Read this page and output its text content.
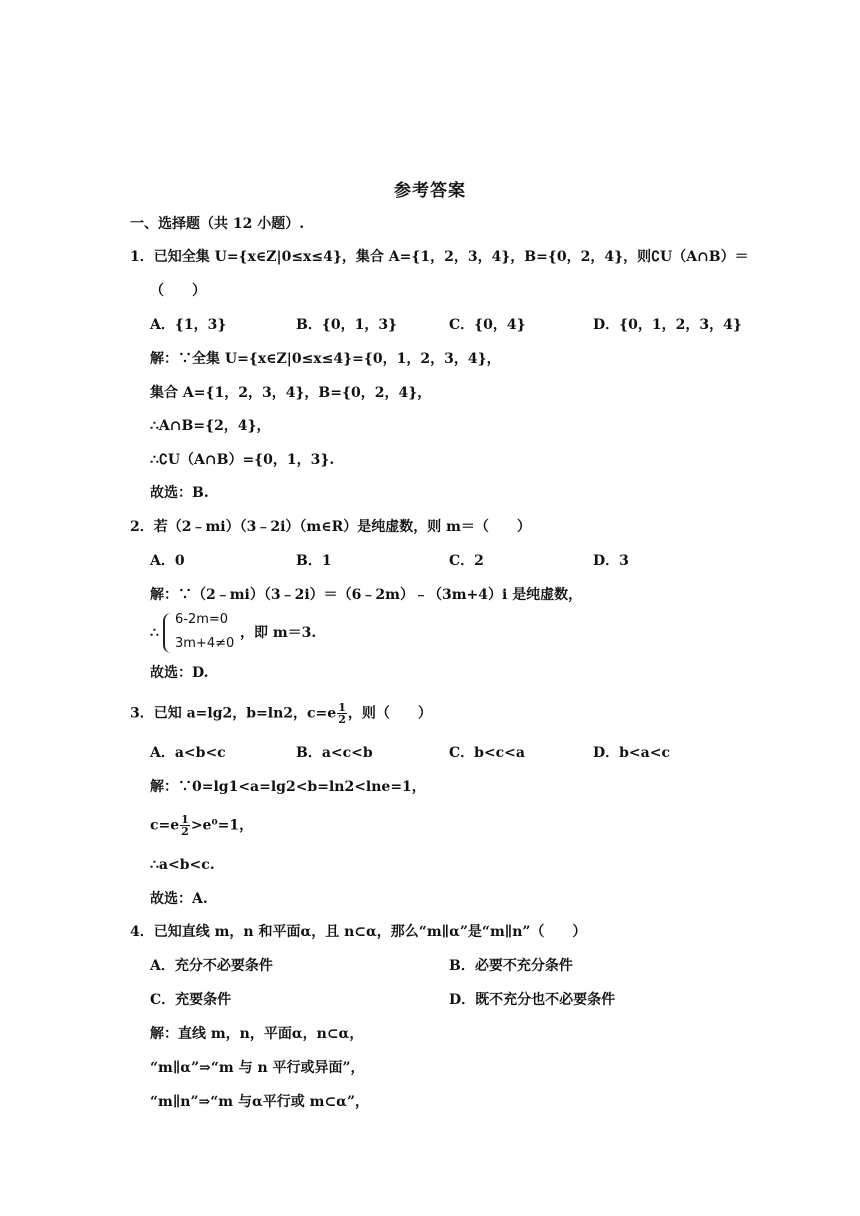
参考答案
一、选择题（共 12 小题）.
1．已知全集 U={x∈Z|0≤x≤4}，集合 A={1，2，3，4}，B={0，2，4}，则∁U（A∩B）＝
（　　）
A．{1，3}	B．{0，1，3}	C．{0，4}	D．{0，1，2，3，4}
解：∵全集 U={x∈Z|0≤x≤4}={0，1，2，3，4}，
集合 A={1，2，3，4}，B={0，2，4}，
∴A∩B={2，4}，
∴∁U（A∩B）={0，1，3}.
故选：B.
2．若（2﹣mi）（3﹣2i）（m∈R）是纯虚数，则 m＝（　　）
A．0	B．1	C．2	D．3
解：∵（2﹣mi）（3﹣2i）＝（6﹣2m）﹣（3m+4）i 是纯虚数，
∴
6-2m=0
3m+4≠0
，即 m＝3.
故选：D.
3．已知 a=lg2，b=ln2，$c=e \frac{1}{2}$ ，则（　　）
A．a<b<c	B．a<c<b	C．b<c<a	D．b<a<c
解：∵0=lg1<a=lg2<b=ln2<lne=1，
$c=e \frac{1}{2} >e^0=1$，
∴a<b<c.
故选：A.
4．已知直线 m，n 和平面α，且 n⊂α，那么“m∥α”是“m∥n”（　　）
A．充分不必要条件	B．必要不充分条件
C．充要条件	D．既不充分也不必要条件
解：直线 m，n，平面α，n⊂α，
“m∥α”⇒“m 与 n 平行或异面”，
“m∥n”⇒“m 与α平行或 m⊂α”，
